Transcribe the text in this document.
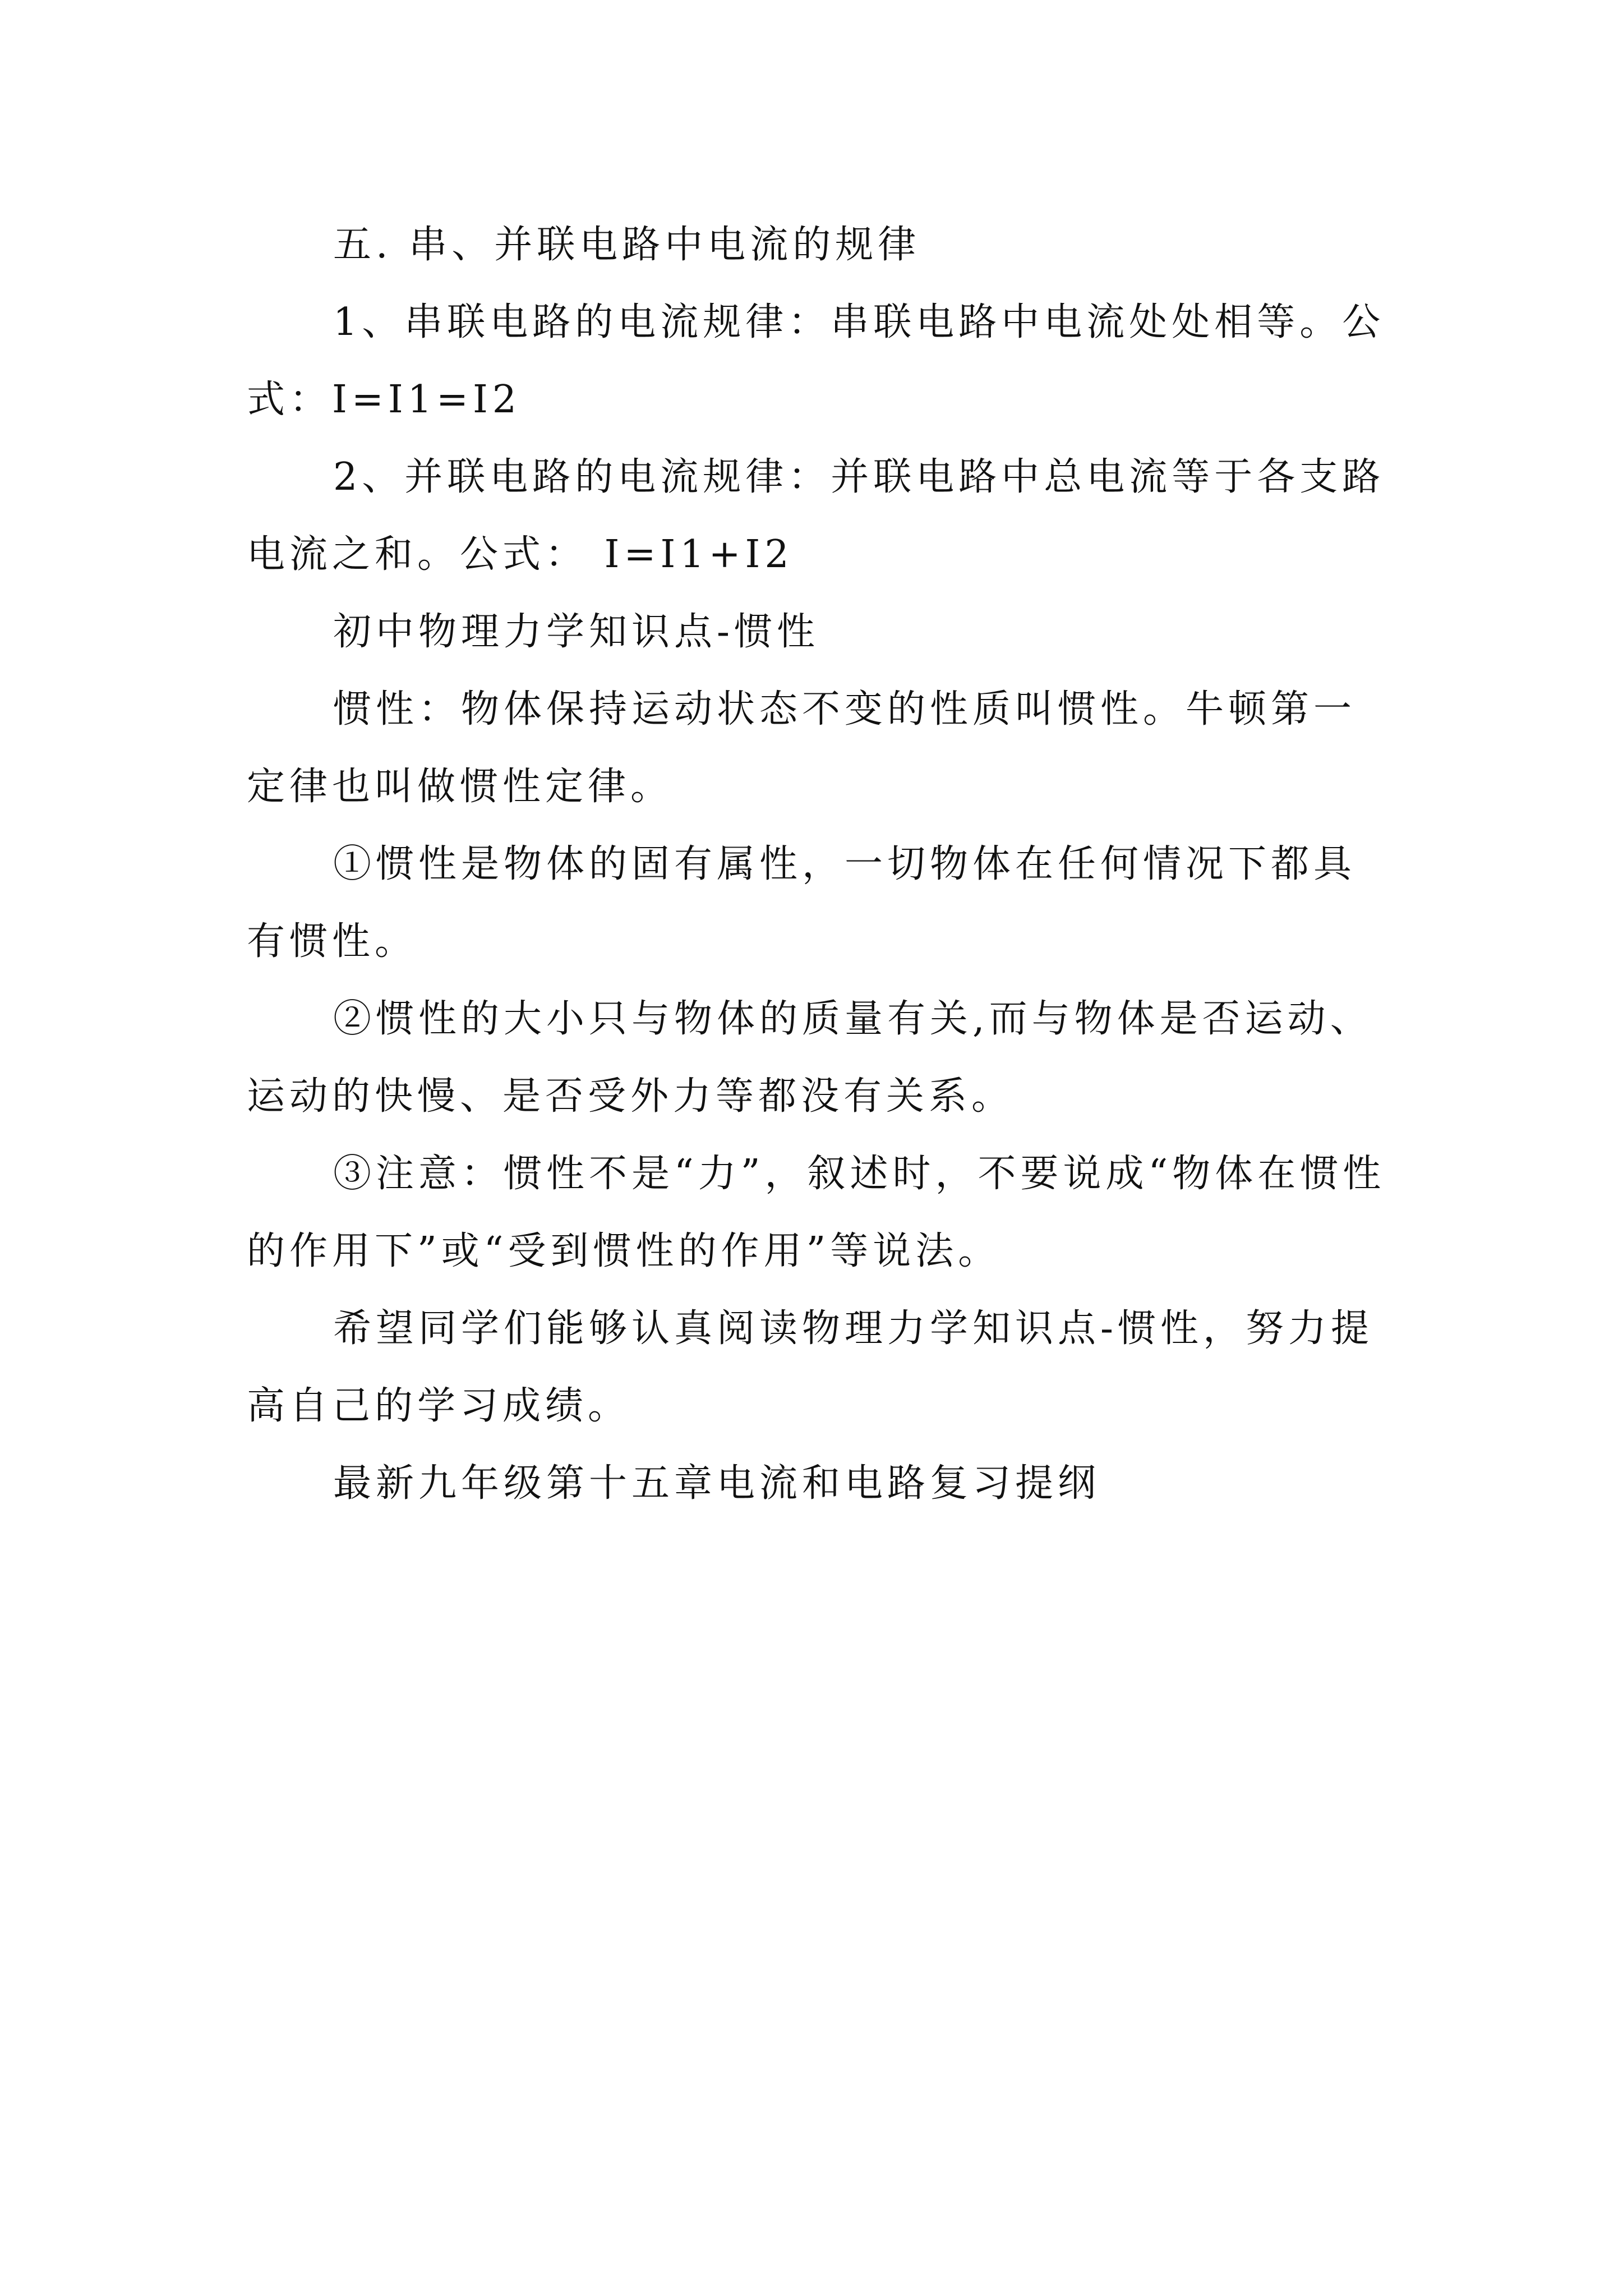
五. 串、并联电路中电流的规律

1、串联电路的电流规律：串联电路中电流处处相等。公式：I=I1=I2

2、并联电路的电流规律：并联电路中总电流等于各支路电流之和。公式： I=I1+I2

初中物理力学知识点-惯性

惯性：物体保持运动状态不变的性质叫惯性。牛顿第一定律也叫做惯性定律。

①惯性是物体的固有属性，一切物体在任何情况下都具有惯性。

②惯性的大小只与物体的质量有关,而与物体是否运动、运动的快慢、是否受外力等都没有关系。

③注意：惯性不是“力”，叙述时，不要说成“物体在惯性的作用下”或“受到惯性的作用”等说法。

希望同学们能够认真阅读物理力学知识点-惯性，努力提高自己的学习成绩。

最新九年级第十五章电流和电路复习提纲
